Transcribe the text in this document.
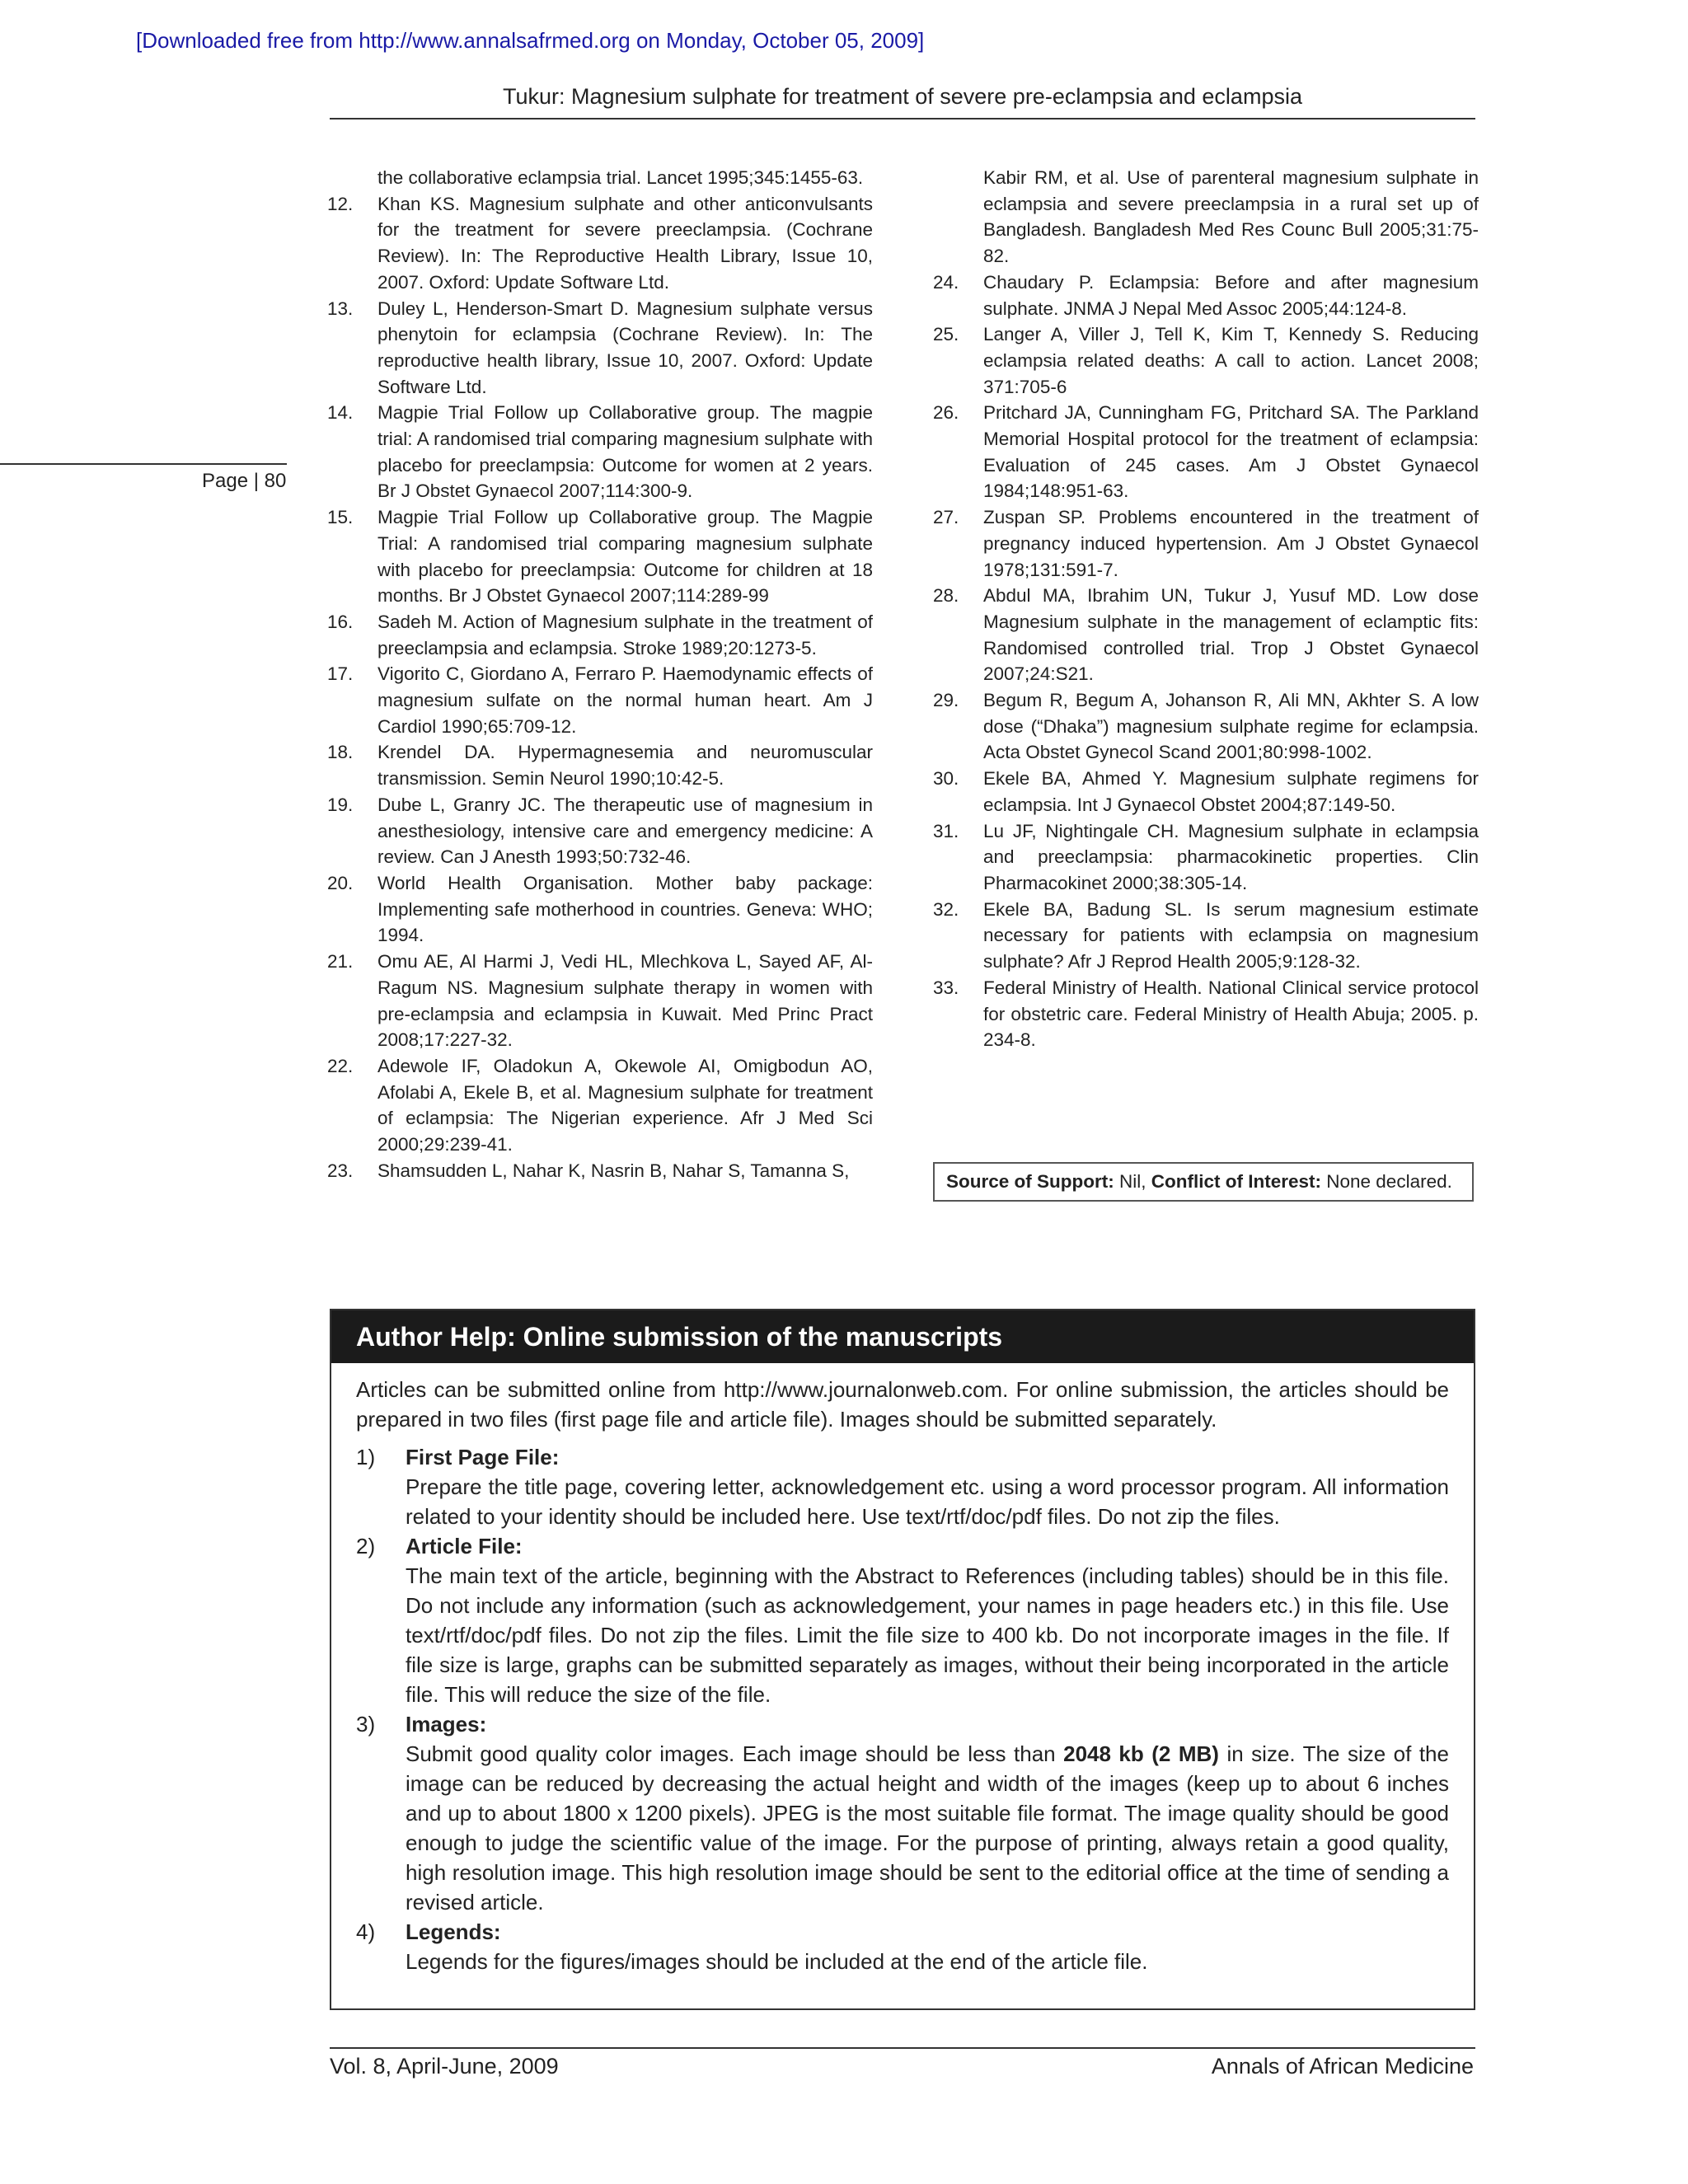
[Downloaded free from http://www.annalsafrmed.org on Monday, October 05, 2009]
Tukur: Magnesium sulphate for treatment of severe pre-eclampsia and eclampsia
Page | 80
the collaborative eclampsia trial. Lancet 1995;345:1455-63.
12. Khan KS. Magnesium sulphate and other anticonvulsants for the treatment for severe preeclampsia. (Cochrane Review). In: The Reproductive Health Library, Issue 10, 2007. Oxford: Update Software Ltd.
13. Duley L, Henderson-Smart D. Magnesium sulphate versus phenytoin for eclampsia (Cochrane Review). In: The reproductive health library, Issue 10, 2007. Oxford: Update Software Ltd.
14. Magpie Trial Follow up Collaborative group. The magpie trial: A randomised trial comparing magnesium sulphate with placebo for preeclampsia: Outcome for women at 2 years. Br J Obstet Gynaecol 2007;114:300-9.
15. Magpie Trial Follow up Collaborative group. The Magpie Trial: A randomised trial comparing magnesium sulphate with placebo for preeclampsia: Outcome for children at 18 months. Br J Obstet Gynaecol 2007;114:289-99
16. Sadeh M. Action of Magnesium sulphate in the treatment of preeclampsia and eclampsia. Stroke 1989;20:1273-5.
17. Vigorito C, Giordano A, Ferraro P. Haemodynamic effects of magnesium sulfate on the normal human heart. Am J Cardiol 1990;65:709-12.
18. Krendel DA. Hypermagnesemia and neuromuscular transmission. Semin Neurol 1990;10:42-5.
19. Dube L, Granry JC. The therapeutic use of magnesium in anesthesiology, intensive care and emergency medicine: A review. Can J Anesth 1993;50:732-46.
20. World Health Organisation. Mother baby package: Implementing safe motherhood in countries. Geneva: WHO; 1994.
21. Omu AE, Al Harmi J, Vedi HL, Mlechkova L, Sayed AF, Al-Ragum NS. Magnesium sulphate therapy in women with pre-eclampsia and eclampsia in Kuwait. Med Princ Pract 2008;17:227-32.
22. Adewole IF, Oladokun A, Okewole AI, Omigbodun AO, Afolabi A, Ekele B, et al. Magnesium sulphate for treatment of eclampsia: The Nigerian experience. Afr J Med Sci 2000;29:239-41.
23. Shamsudden L, Nahar K, Nasrin B, Nahar S, Tamanna S,
Kabir RM, et al. Use of parenteral magnesium sulphate in eclampsia and severe preeclampsia in a rural set up of Bangladesh. Bangladesh Med Res Counc Bull 2005;31:75-82.
24. Chaudary P. Eclampsia: Before and after magnesium sulphate. JNMA J Nepal Med Assoc 2005;44:124-8.
25. Langer A, Viller J, Tell K, Kim T, Kennedy S. Reducing eclampsia related deaths: A call to action. Lancet 2008; 371:705-6
26. Pritchard JA, Cunningham FG, Pritchard SA. The Parkland Memorial Hospital protocol for the treatment of eclampsia: Evaluation of 245 cases. Am J Obstet Gynaecol 1984;148:951-63.
27. Zuspan SP. Problems encountered in the treatment of pregnancy induced hypertension. Am J Obstet Gynaecol 1978;131:591-7.
28. Abdul MA, Ibrahim UN, Tukur J, Yusuf MD. Low dose Magnesium sulphate in the management of eclamptic fits: Randomised controlled trial. Trop J Obstet Gynaecol 2007;24:S21.
29. Begum R, Begum A, Johanson R, Ali MN, Akhter S. A low dose (“Dhaka”) magnesium sulphate regime for eclampsia. Acta Obstet Gynecol Scand 2001;80:998-1002.
30. Ekele BA, Ahmed Y. Magnesium sulphate regimens for eclampsia. Int J Gynaecol Obstet 2004;87:149-50.
31. Lu JF, Nightingale CH. Magnesium sulphate in eclampsia and preeclampsia: pharmacokinetic properties. Clin Pharmacokinet 2000;38:305-14.
32. Ekele BA, Badung SL. Is serum magnesium estimate necessary for patients with eclampsia on magnesium sulphate? Afr J Reprod Health 2005;9:128-32.
33. Federal Ministry of Health. National Clinical service protocol for obstetric care. Federal Ministry of Health Abuja; 2005. p. 234-8.
Source of Support: Nil, Conflict of Interest: None declared.
Author Help: Online submission of the manuscripts

Articles can be submitted online from http://www.journalonweb.com. For online submission, the articles should be prepared in two files (first page file and article file). Images should be submitted separately.

1) First Page File:
Prepare the title page, covering letter, acknowledgement etc. using a word processor program. All information related to your identity should be included here. Use text/rtf/doc/pdf files. Do not zip the files.
2) Article File:
The main text of the article, beginning with the Abstract to References (including tables) should be in this file. Do not include any information (such as acknowledgement, your names in page headers etc.) in this file. Use text/rtf/doc/pdf files. Do not zip the files. Limit the file size to 400 kb. Do not incorporate images in the file. If file size is large, graphs can be submitted separately as images, without their being incorporated in the article file. This will reduce the size of the file.
3) Images:
Submit good quality color images. Each image should be less than 2048 kb (2 MB) in size. The size of the image can be reduced by decreasing the actual height and width of the images (keep up to about 6 inches and up to about 1800 x 1200 pixels). JPEG is the most suitable file format. The image quality should be good enough to judge the scientific value of the image. For the purpose of printing, always retain a good quality, high resolution image. This high resolution image should be sent to the editorial office at the time of sending a revised article.
4) Legends:
Legends for the figures/images should be included at the end of the article file.
Vol. 8, April-June, 2009	Annals of African Medicine
